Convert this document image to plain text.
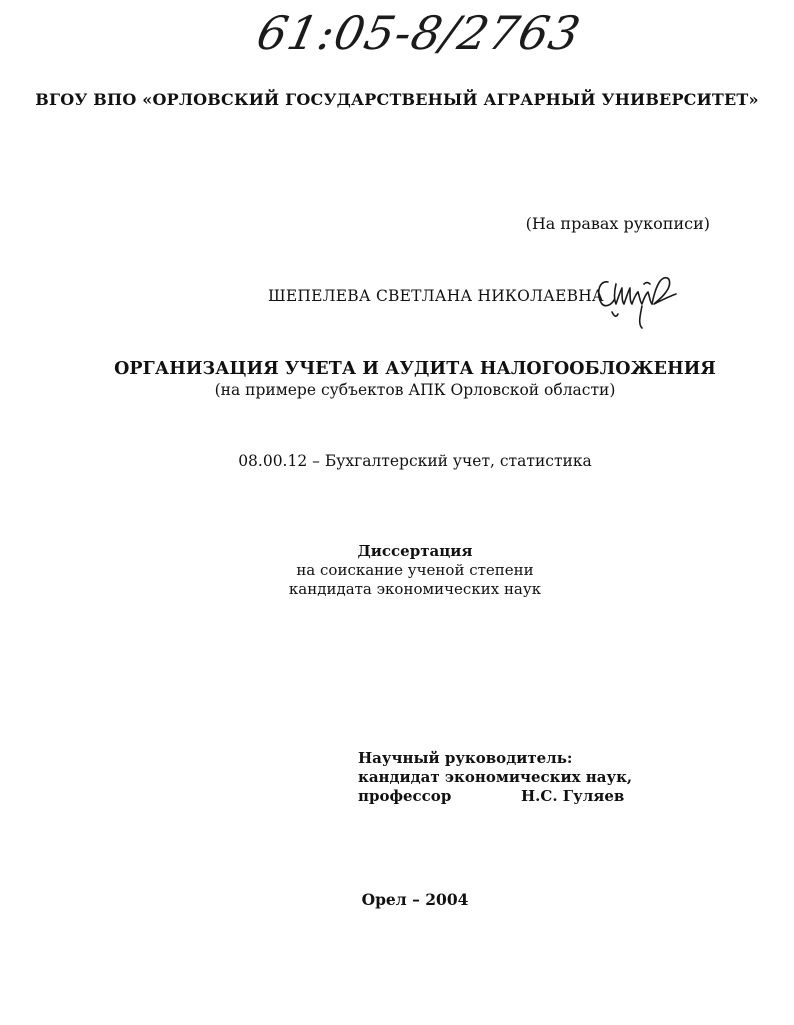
61:05-8/2763
ВГОУ ВПО «ОРЛОВСКИЙ ГОСУДАРСТВЕНЫЙ АГРАРНЫЙ УНИВЕРСИТЕТ»
(На правах рукописи)
ШЕПЕЛЕВА СВЕТЛАНА НИКОЛАЕВНА
ОРГАНИЗАЦИЯ УЧЕТА И АУДИТА НАЛОГООБЛОЖЕНИЯ
(на примере субъектов АПК Орловской области)
08.00.12 – Бухгалтерский учет, статистика
Диссертация
на соискание ученой степени
кандидата экономических наук
Научный руководитель:
кандидат экономических наук,
профессор	Н.С. Гуляев
Орел – 2004
